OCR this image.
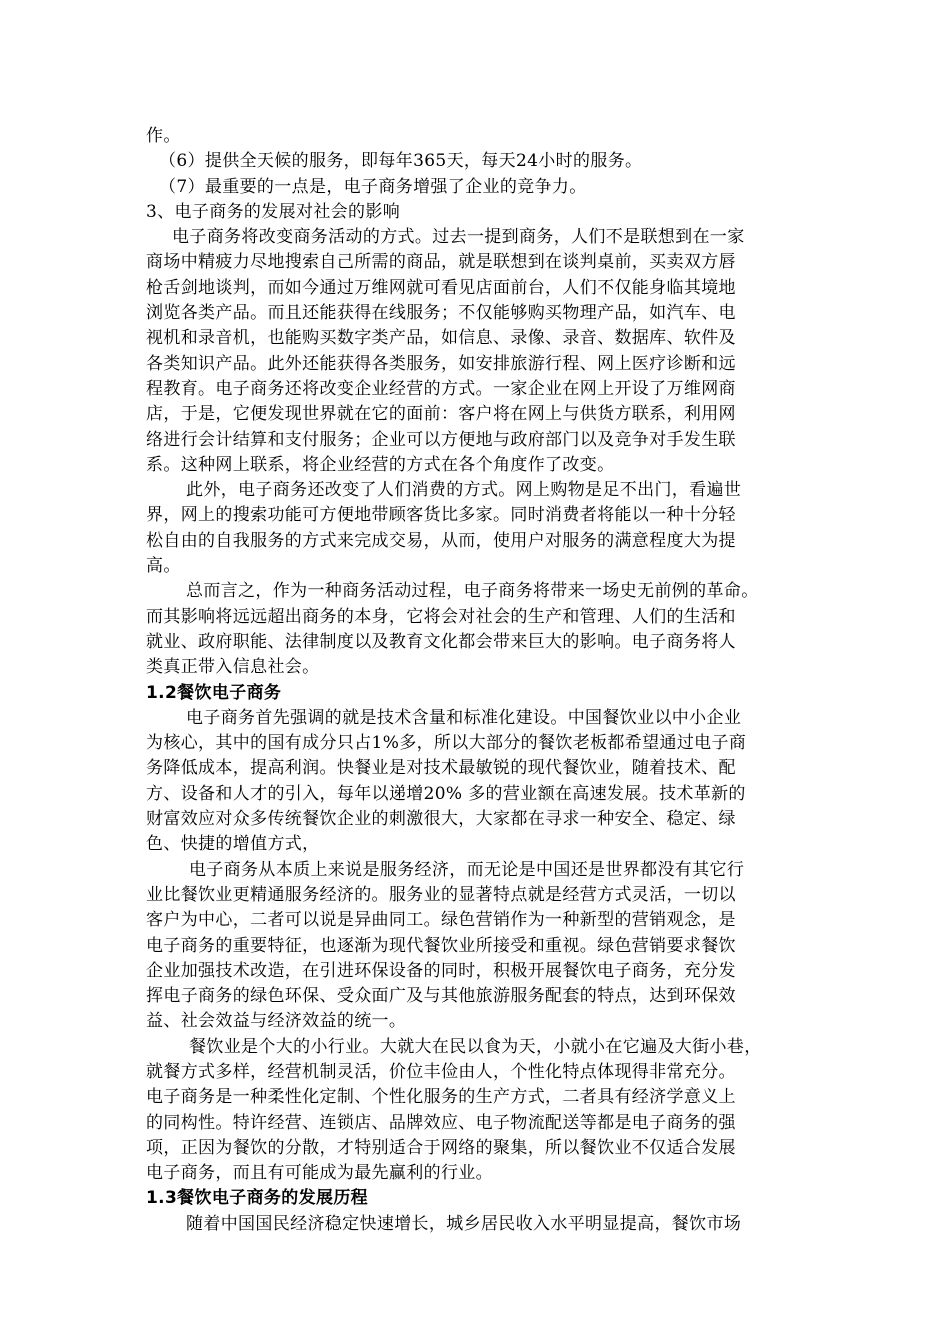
作。
（6）提供全天候的服务，即每年365天，每天24小时的服务。
（7）最重要的一点是，电子商务增强了企业的竞争力。
3、电子商务的发展对社会的影响
电子商务将改变商务活动的方式。过去一提到商务，人们不是联想到在一家
商场中精疲力尽地搜索自己所需的商品，就是联想到在谈判桌前，买卖双方唇
枪舌剑地谈判，而如今通过万维网就可看见店面前台，人们不仅能身临其境地
浏览各类产品。而且还能获得在线服务；不仅能够购买物理产品，如汽车、电
视机和录音机，也能购买数字类产品，如信息、录像、录音、数据库、软件及
各类知识产品。此外还能获得各类服务，如安排旅游行程、网上医疗诊断和远
程教育。电子商务还将改变企业经营的方式。一家企业在网上开设了万维网商
店，于是，它便发现世界就在它的面前：客户将在网上与供货方联系，利用网
络进行会计结算和支付服务；企业可以方便地与政府部门以及竞争对手发生联
系。这种网上联系，将企业经营的方式在各个角度作了改变。
此外，电子商务还改变了人们消费的方式。网上购物是足不出门，看遍世
界，网上的搜索功能可方便地带顾客货比多家。同时消费者将能以一种十分轻
松自由的自我服务的方式来完成交易，从而，使用户对服务的满意程度大为提
高。
总而言之，作为一种商务活动过程，电子商务将带来一场史无前例的革命。
而其影响将远远超出商务的本身，它将会对社会的生产和管理、人们的生活和
就业、政府职能、法律制度以及教育文化都会带来巨大的影响。电子商务将人
类真正带入信息社会。
1.2餐饮电子商务
电子商务首先强调的就是技术含量和标准化建设。中国餐饮业以中小企业
为核心，其中的国有成分只占1%多，所以大部分的餐饮老板都希望通过电子商
务降低成本，提高利润。快餐业是对技术最敏锐的现代餐饮业，随着技术、配
方、设备和人才的引入，每年以递增20% 多的营业额在高速发展。技术革新的
财富效应对众多传统餐饮企业的刺激很大，大家都在寻求一种安全、稳定、绿
色、快捷的增值方式，
电子商务从本质上来说是服务经济，而无论是中国还是世界都没有其它行
业比餐饮业更精通服务经济的。服务业的显著特点就是经营方式灵活，一切以
客户为中心，二者可以说是异曲同工。绿色营销作为一种新型的营销观念，是
电子商务的重要特征，也逐渐为现代餐饮业所接受和重视。绿色营销要求餐饮
企业加强技术改造，在引进环保设备的同时，积极开展餐饮电子商务，充分发
挥电子商务的绿色环保、受众面广及与其他旅游服务配套的特点，达到环保效
益、社会效益与经济效益的统一。
餐饮业是个大的小行业。大就大在民以食为天，小就小在它遍及大街小巷，
就餐方式多样，经营机制灵活，价位丰俭由人，个性化特点体现得非常充分。
电子商务是一种柔性化定制、个性化服务的生产方式，二者具有经济学意义上
的同构性。特许经营、连锁店、品牌效应、电子物流配送等都是电子商务的强
项，正因为餐饮的分散，才特别适合于网络的聚集，所以餐饮业不仅适合发展
电子商务，而且有可能成为最先赢利的行业。
1.3餐饮电子商务的发展历程
随着中国国民经济稳定快速增长，城乡居民收入水平明显提高，餐饮市场
